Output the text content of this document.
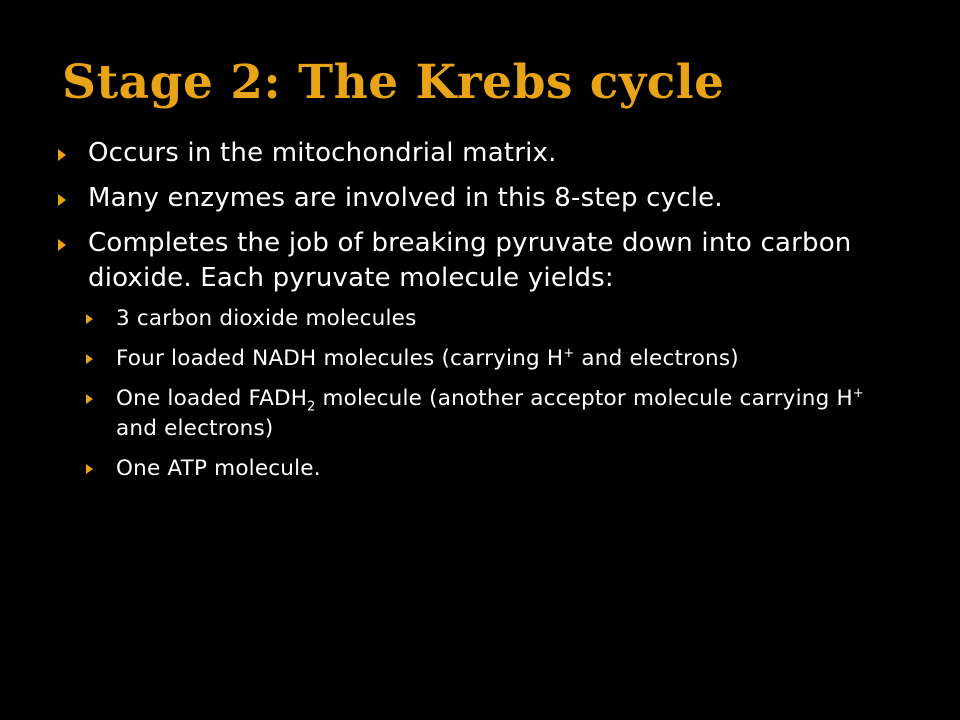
Stage 2: The Krebs cycle
Occurs in the mitochondrial matrix.
Many enzymes are involved in this 8-step cycle.
Completes the job of breaking pyruvate down into carbon dioxide. Each pyruvate molecule yields:
3 carbon dioxide molecules
Four loaded NADH molecules (carrying H+ and electrons)
One loaded $FADH_2$ molecule (another acceptor molecule carrying H+ and electrons)
One ATP molecule.
